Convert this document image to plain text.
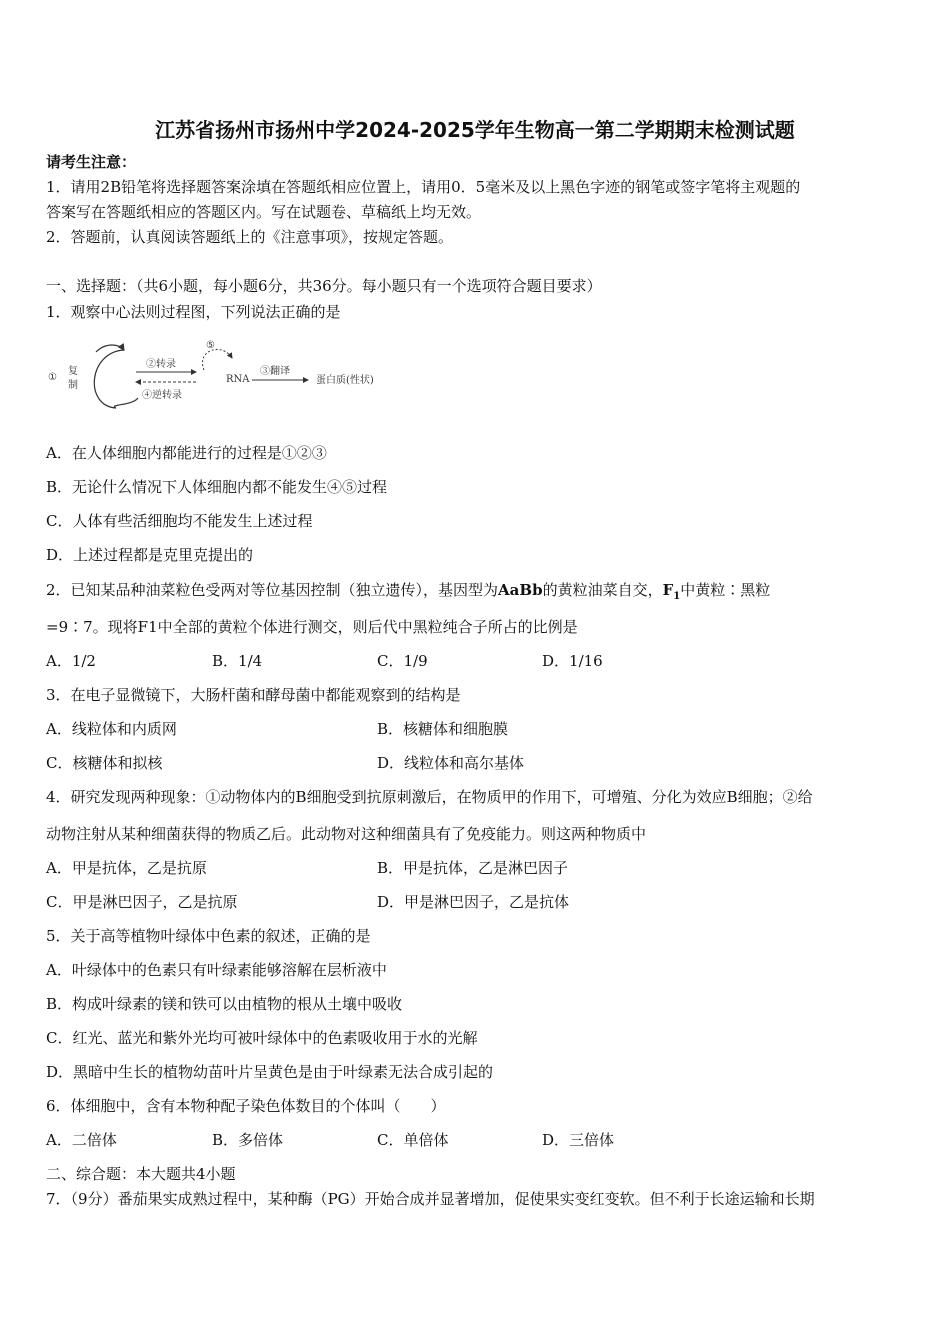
江苏省扬州市扬州中学2024-2025学年生物高一第二学期期末检测试题
请考生注意：
1．请用2B铅笔将选择题答案涂填在答题纸相应位置上，请用0．5毫米及以上黑色字迹的钢笔或签字笔将主观题的
答案写在答题纸相应的答题区内。写在试题卷、草稿纸上均无效。
2．答题前，认真阅读答题纸上的《注意事项》，按规定答题。
一、选择题：（共6小题，每小题6分，共36分。每小题只有一个选项符合题目要求）
1．观察中心法则过程图，下列说法正确的是
①
复
制
②转录
④逆转录
⑤
RNA
③翻译
蛋白质(性状)
A．在人体细胞内都能进行的过程是①②③
B．无论什么情况下人体细胞内都不能发生④⑤过程
C．人体有些活细胞均不能发生上述过程
D．上述过程都是克里克提出的
2．已知某品种油菜粒色受两对等位基因控制（独立遗传），基因型为AaBb的黄粒油菜自交，$F_1$中黄粒∶黑粒
=9∶7。现将F1中全部的黄粒个体进行测交，则后代中黑粒纯合子所占的比例是
A．1/2	B．1/4	C．1/9	D．1/16
3．在电子显微镜下，大肠杆菌和酵母菌中都能观察到的结构是
A．线粒体和内质网	B．核糖体和细胞膜
C．核糖体和拟核	D．线粒体和高尔基体
4．研究发现两种现象：①动物体内的B细胞受到抗原刺激后，在物质甲的作用下，可增殖、分化为效应B细胞；②给
动物注射从某种细菌获得的物质乙后。此动物对这种细菌具有了免疫能力。则这两种物质中
A．甲是抗体，乙是抗原	B．甲是抗体，乙是淋巴因子
C．甲是淋巴因子，乙是抗原	D．甲是淋巴因子，乙是抗体
5．关于高等植物叶绿体中色素的叙述，正确的是
A．叶绿体中的色素只有叶绿素能够溶解在层析液中
B．构成叶绿素的镁和铁可以由植物的根从土壤中吸收
C．红光、蓝光和紫外光均可被叶绿体中的色素吸收用于水的光解
D．黑暗中生长的植物幼苗叶片呈黄色是由于叶绿素无法合成引起的
6．体细胞中，含有本物种配子染色体数目的个体叫（　　）
A．二倍体	B．多倍体	C．单倍体	D．三倍体
二、综合题：本大题共4小题
7．（9分）番茄果实成熟过程中，某种酶（PG）开始合成并显著增加，促使果实变红变软。但不利于长途运输和长期
